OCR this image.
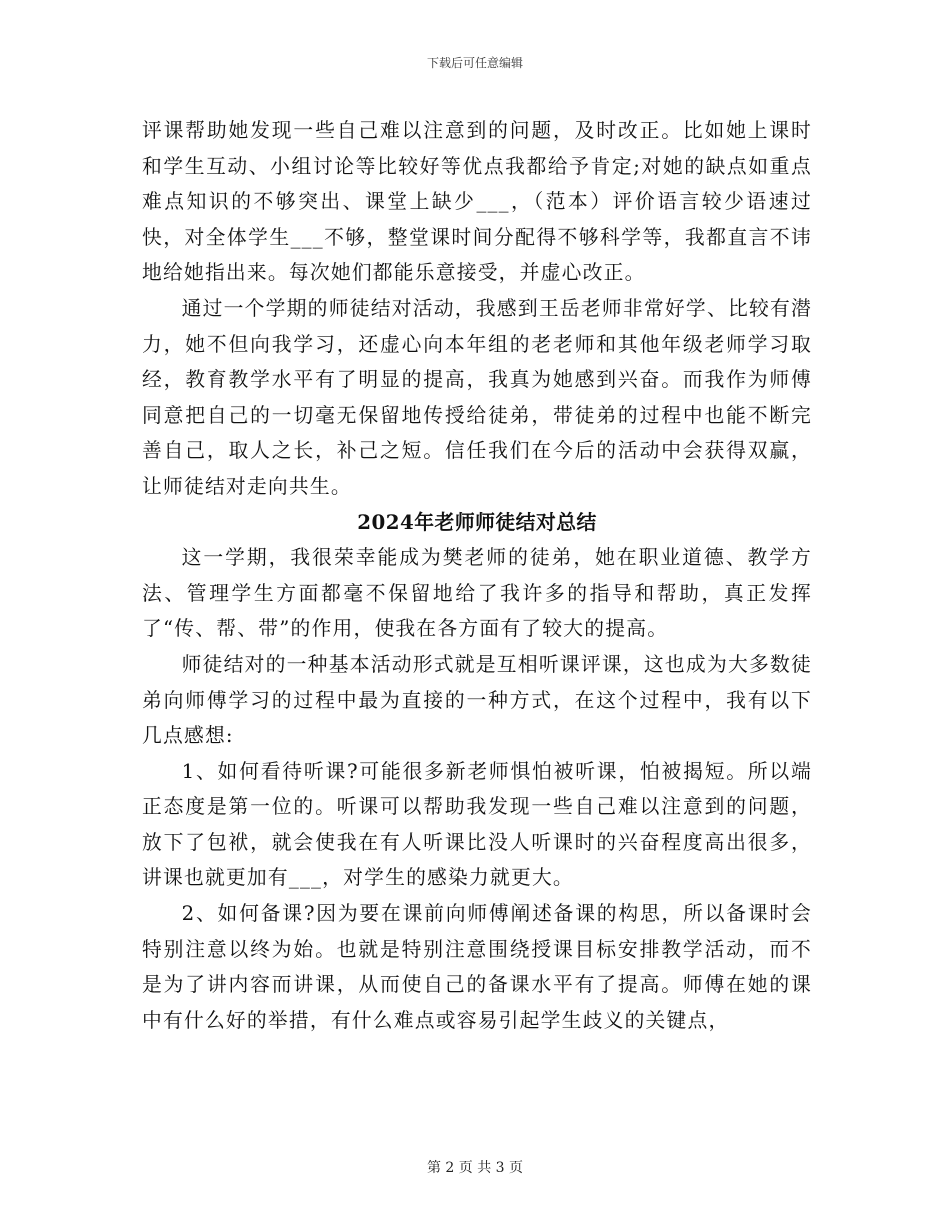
下载后可任意编辑

评课帮助她发现一些自己难以注意到的问题，及时改正。比如她上课时和学生互动、小组讨论等比较好等优点我都给予肯定;对她的缺点如重点难点知识的不够突出、课堂上缺少___，（范本）评价语言较少语速过快，对全体学生___不够，整堂课时间分配得不够科学等，我都直言不讳地给她指出来。每次她们都能乐意接受，并虚心改正。

通过一个学期的师徒结对活动，我感到王岳老师非常好学、比较有潜力，她不但向我学习，还虚心向本年组的老老师和其他年级老师学习取经，教育教学水平有了明显的提高，我真为她感到兴奋。而我作为师傅同意把自己的一切毫无保留地传授给徒弟，带徒弟的过程中也能不断完善自己，取人之长，补己之短。信任我们在今后的活动中会获得双赢，让师徒结对走向共生。

2024年老师师徒结对总结

这一学期，我很荣幸能成为樊老师的徒弟，她在职业道德、教学方法、管理学生方面都毫不保留地给了我许多的指导和帮助，真正发挥了“传、帮、带”的作用，使我在各方面有了较大的提高。

师徒结对的一种基本活动形式就是互相听课评课，这也成为大多数徒弟向师傅学习的过程中最为直接的一种方式，在这个过程中，我有以下几点感想:

1、如何看待听课?可能很多新老师惧怕被听课，怕被揭短。所以端正态度是第一位的。听课可以帮助我发现一些自己难以注意到的问题，放下了包袱，就会使我在有人听课比没人听课时的兴奋程度高出很多，讲课也就更加有___，对学生的感染力就更大。

2、如何备课?因为要在课前向师傅阐述备课的构思，所以备课时会特别注意以终为始。也就是特别注意围绕授课目标安排教学活动，而不是为了讲内容而讲课，从而使自己的备课水平有了提高。师傅在她的课中有什么好的举措，有什么难点或容易引起学生歧义的关键点，

第 2 页 共 3 页
